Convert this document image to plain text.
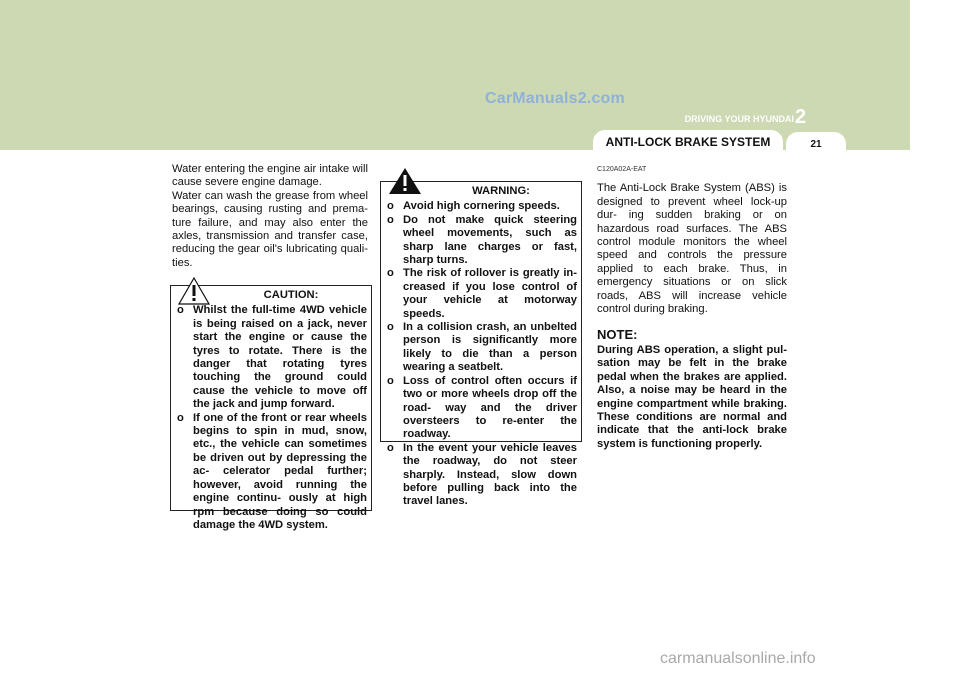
CarManuals2.com
DRIVING YOUR HYUNDAI 2
ANTI-LOCK BRAKE SYSTEM	21

Water entering the engine air intake will cause severe engine damage.

Water can wash the grease from wheel bearings, causing rusting and prema- ture failure, and may also enter the axles, transmission and transfer case, reducing the gear oil's lubricating quali- ties.

CAUTION:
o Whilst the full-time 4WD vehicle is being raised on a jack, never start the engine or cause the tyres to rotate. There is the danger that rotating tyres touching the ground could cause the vehicle to move off the jack and jump forward.
o If one of the front or rear wheels begins to spin in mud, snow, etc., the vehicle can sometimes be driven out by depressing the ac- celerator pedal further; however, avoid running the engine continu- ously at high rpm because doing so could damage the 4WD system.
WARNING:
o Avoid high cornering speeds.
o Do not make quick steering wheel movements, such as sharp lane charges or fast, sharp turns.
o The risk of rollover is greatly in- creased if you lose control of your vehicle at motorway speeds.
o In a collision crash, an unbelted person is significantly more likely to die than a person wearing a seatbelt.
o Loss of control often occurs if two or more wheels drop off the road- way and the driver oversteers to re-enter the roadway.
o In the event your vehicle leaves the roadway, do not steer sharply. Instead, slow down before pulling back into the travel lanes.

C120A02A-EAT

The Anti-Lock Brake System (ABS) is designed to prevent wheel lock-up dur- ing sudden braking or on hazardous road surfaces. The ABS control module monitors the wheel speed and controls the pressure applied to each brake. Thus, in emergency situations or on slick roads, ABS will increase vehicle control during braking.

NOTE:

During ABS operation, a slight pul- sation may be felt in the brake pedal when the brakes are applied. Also, a noise may be heard in the engine compartment while braking. These conditions are normal and indicate that the anti-lock brake system is functioning properly.

carmanualsonline.info
